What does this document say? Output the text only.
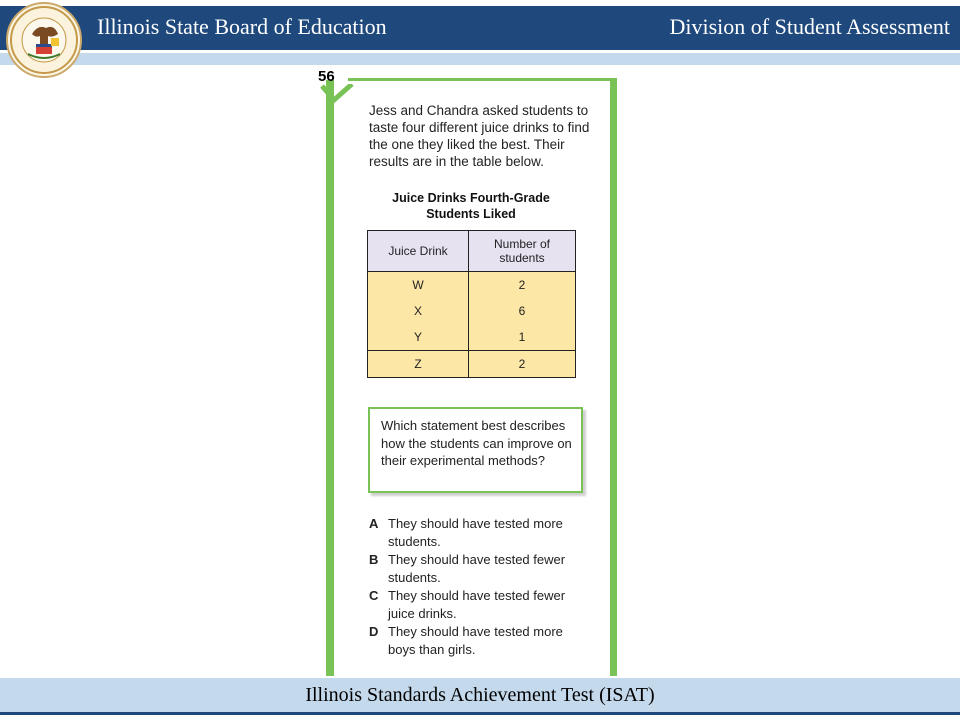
Illinois State Board of Education	Division of Student Assessment
56
Jess and Chandra asked students to taste four different juice drinks to find the one they liked the best. Their results are in the table below.
Juice Drinks Fourth-Grade Students Liked
Juice Drink	Number of students
W	2
X	6
Y	1
Z	2
Which statement best describes how the students can improve on their experimental methods?
A They should have tested more students.
B They should have tested fewer students.
C They should have tested fewer juice drinks.
D They should have tested more boys than girls.
Illinois Standards Achievement Test (ISAT)
